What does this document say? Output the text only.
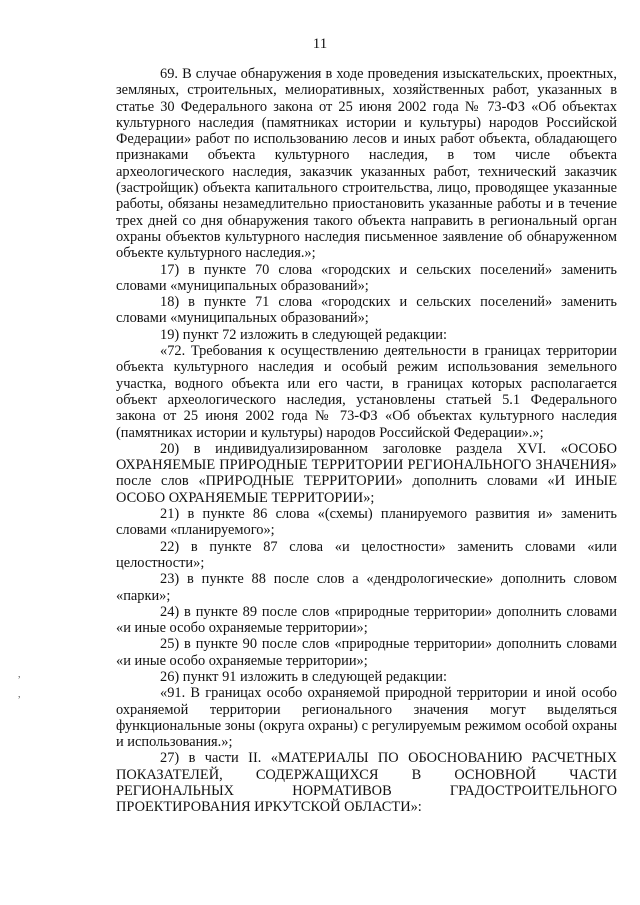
11
,
,

69. В случае обнаружения в ходе проведения изыскательских, проектных, земляных, строительных, мелиоративных, хозяйственных работ, указанных в статье 30 Федерального закона от 25 июня 2002 года № 73-ФЗ «Об объектах культурного наследия (памятниках истории и культуры) народов Российской Федерации» работ по использованию лесов и иных работ объекта, обладающего признаками объекта культурного наследия, в том числе объекта археологического наследия, заказчик указанных работ, технический заказчик (застройщик) объекта капитального строительства, лицо, проводящее указанные работы, обязаны незамедлительно приостановить указанные работы и в течение трех дней со дня обнаружения такого объекта направить в региональный орган охраны объектов культурного наследия письменное заявление об обнаруженном объекте культурного наследия.»;

17) в пункте 70 слова «городских и сельских поселений» заменить словами «муниципальных образований»;

18) в пункте 71 слова «городских и сельских поселений» заменить словами «муниципальных образований»;

19) пункт 72 изложить в следующей редакции:

«72. Требования к осуществлению деятельности в границах территории объекта культурного наследия и особый режим использования земельного участка, водного объекта или его части, в границах которых располагается объект археологического наследия, установлены статьей 5.1 Федерального закона от 25 июня 2002 года № 73-ФЗ «Об объектах культурного наследия (памятниках истории и культуры) народов Российской Федерации».»;

20) в индивидуализированном заголовке раздела XVI. «ОСОБО ОХРАНЯЕМЫЕ ПРИРОДНЫЕ ТЕРРИТОРИИ РЕГИОНАЛЬНОГО ЗНАЧЕНИЯ» после слов «ПРИРОДНЫЕ ТЕРРИТОРИИ» дополнить словами «И ИНЫЕ ОСОБО ОХРАНЯЕМЫЕ ТЕРРИТОРИИ»;

21) в пункте 86 слова «(схемы) планируемого развития и» заменить словами «планируемого»;

22) в пункте 87 слова «и целостности» заменить словами «или целостности»;

23) в пункте 88 после слов а «дендрологические» дополнить словом «парки»;

24) в пункте 89 после слов «природные территории» дополнить словами «и иные особо охраняемые территории»;

25) в пункте 90 после слов «природные территории» дополнить словами «и иные особо охраняемые территории»;

26) пункт 91 изложить в следующей редакции:

«91. В границах особо охраняемой природной территории и иной особо охраняемой территории регионального значения могут выделяться функциональные зоны (округа охраны) с регулируемым режимом особой охраны и использования.»;

27) в части II. «МАТЕРИАЛЫ ПО ОБОСНОВАНИЮ РАСЧЕТНЫХ ПОКАЗАТЕЛЕЙ, СОДЕРЖАЩИХСЯ В ОСНОВНОЙ ЧАСТИ РЕГИОНАЛЬНЫХ НОРМАТИВОВ ГРАДОСТРОИТЕЛЬНОГО ПРОЕКТИРОВАНИЯ ИРКУТСКОЙ ОБЛАСТИ»:
